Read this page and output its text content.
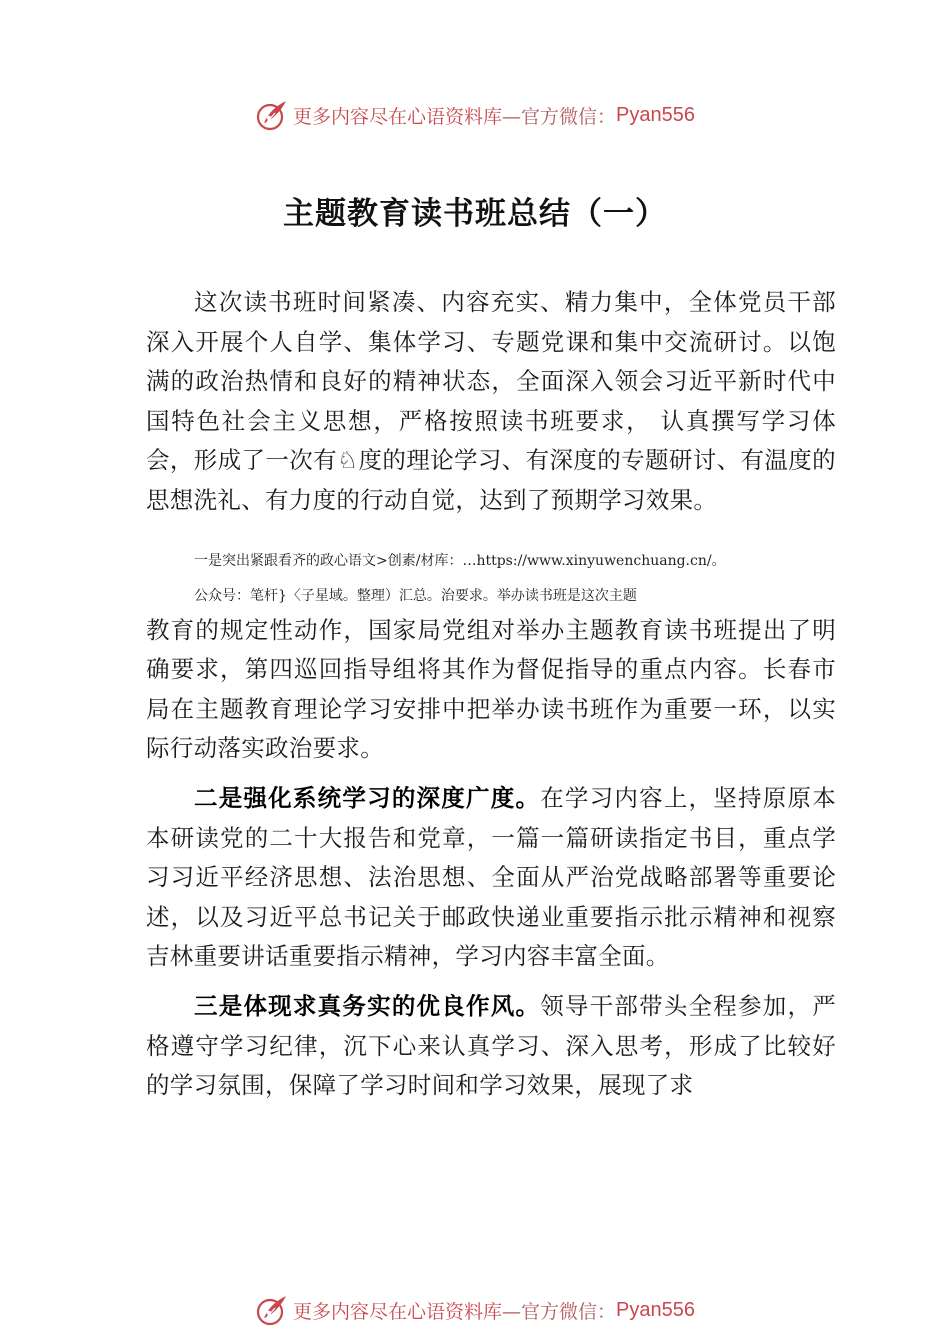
更多内容尽在心语资料库 —官方微信： Pyan556
主题教育读书班总结（一）

这次读书班时间紧凑、内容充实、精力集中，全体党员干部深入开展个人自学、集体学习、专题党课和集中交流研讨。以饱满的政治热情和良好的精神状态，全面深入领会习近平新时代中国特色社会主义思想，严格按照读书班要求， 认真撰写学习体会，形成了一次有♘度的理论学习、有深度的专题研讨、有温度的思想洗礼、有力度的行动自觉，达到了预期学习效果。

一是突出紧跟看齐的政心语文>创素/材库：…https://www.xinyuwenchuang.cn/。

公众号：笔杆}〈子星域。整理）汇总。治要求。举办读书班是这次主题

教育的规定性动作，国家局党组对举办主题教育读书班提出了明确要求，第四巡回指导组将其作为督促指导的重点内容。长春市局在主题教育理论学习安排中把举办读书班作为重要一环，以实际行动落实政治要求。

二是强化系统学习的深度广度。在学习内容上，坚持原原本本研读党的二十大报告和党章，一篇一篇研读指定书目，重点学习习近平经济思想、法治思想、全面从严治党战略部署等重要论述，以及习近平总书记关于邮政快递业重要指示批示精神和视察吉林重要讲话重要指示精神，学习内容丰富全面。

三是体现求真务实的优良作风。领导干部带头全程参加，严格遵守学习纪律，沉下心来认真学习、深入思考，形成了比较好的学习氛围，保障了学习时间和学习效果，展现了求

更多内容尽在心语资料库 —官方微信： Pyan556
